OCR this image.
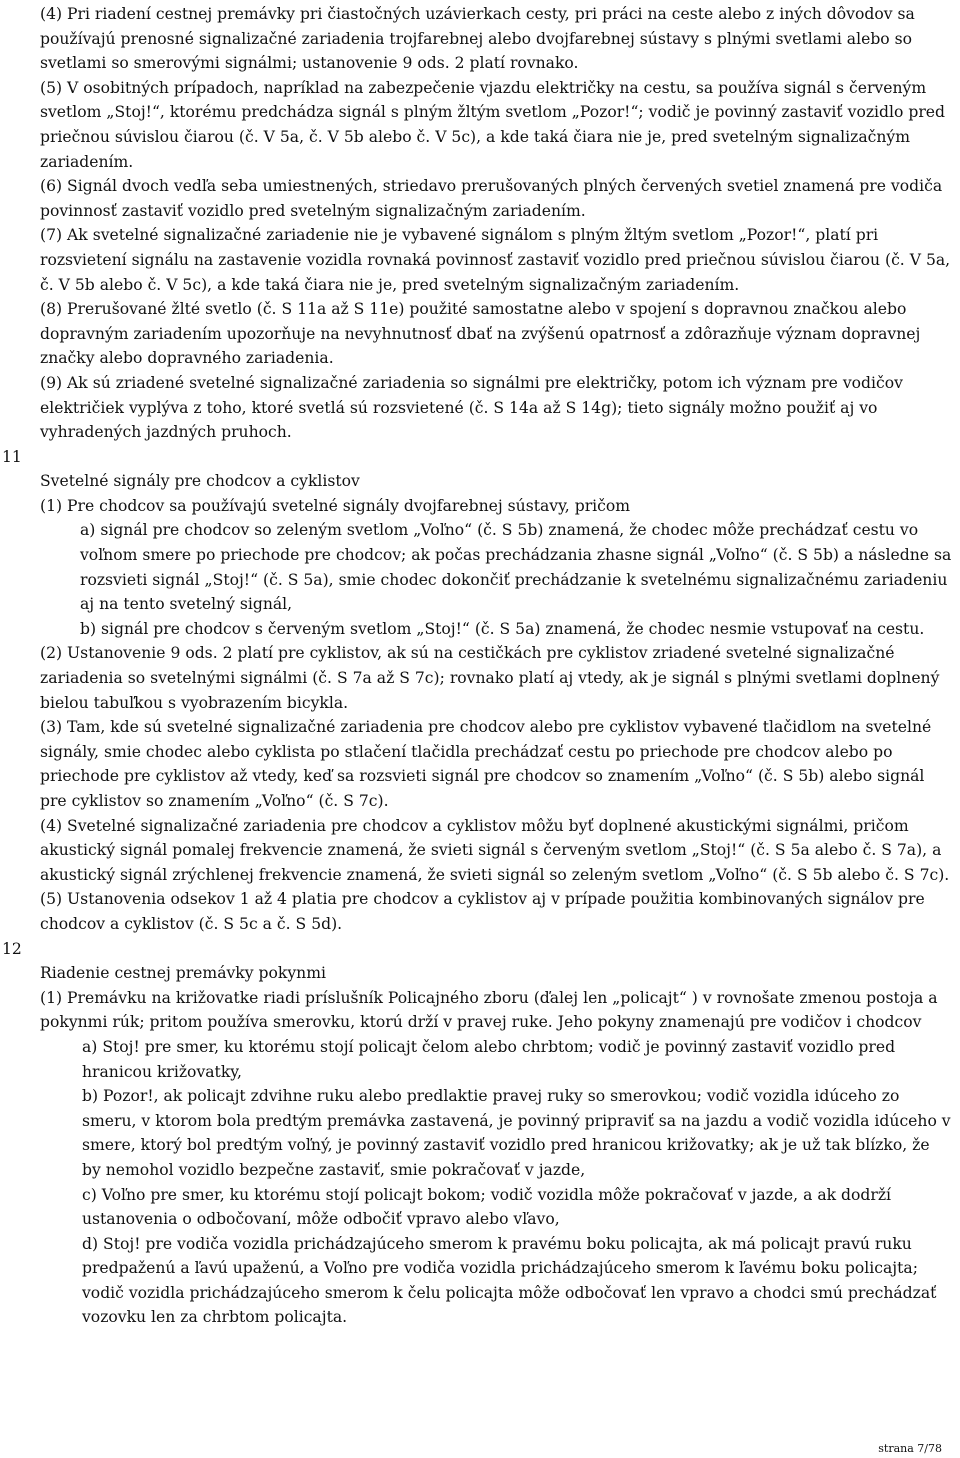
(4) Pri riadení cestnej premávky pri čiastočných uzávierkach cesty, pri práci na ceste alebo z iných dôvodov sa používajú prenosné signalizačné zariadenia trojfarebnej alebo dvojfarebnej sústavy s plnými svetlami alebo so svetlami so smerovými signálmi; ustanovenie 9 ods. 2 platí rovnako.

(5) V osobitných prípadoch, napríklad na zabezpečenie vjazdu električky na cestu, sa používa signál s červeným svetlom „Stoj!“, ktorému predchádza signál s plným žltým svetlom „Pozor!“; vodič je povinný zastaviť vozidlo pred priečnou súvislou čiarou (č. V 5a, č. V 5b alebo č. V 5c), a kde taká čiara nie je, pred svetelným signalizačným zariadením.

(6) Signál dvoch vedľa seba umiestnených, striedavo prerušovaných plných červených svetiel znamená pre vodiča povinnosť zastaviť vozidlo pred svetelným signalizačným zariadením.

(7) Ak svetelné signalizačné zariadenie nie je vybavené signálom s plným žltým svetlom „Pozor!“, platí pri rozsvietení signálu na zastavenie vozidla rovnaká povinnosť zastaviť vozidlo pred priečnou súvislou čiarou (č. V 5a, č. V 5b alebo č. V 5c), a kde taká čiara nie je, pred svetelným signalizačným zariadením.

(8) Prerušované žlté svetlo (č. S 11a až S 11e) použité samostatne alebo v spojení s dopravnou značkou alebo dopravným zariadením upozorňuje na nevyhnutnosť dbať na zvýšenú opatrnosť a zdôrazňuje význam dopravnej značky alebo dopravného zariadenia.

(9) Ak sú zriadené svetelné signalizačné zariadenia so signálmi pre električky, potom ich význam pre vodičov električiek vyplýva z toho, ktoré svetlá sú rozsvietené (č. S 14a až S 14g); tieto signály možno použiť aj vo vyhradených jazdných pruhoch.

11

Svetelné signály pre chodcov a cyklistov

(1) Pre chodcov sa používajú svetelné signály dvojfarebnej sústavy, pričom

a) signál pre chodcov so zeleným svetlom „Voľno“ (č. S 5b) znamená, že chodec môže prechádzať cestu vo voľnom smere po priechode pre chodcov; ak počas prechádzania zhasne signál „Voľno“ (č. S 5b) a následne sa rozsvieti signál „Stoj!“ (č. S 5a), smie chodec dokončiť prechádzanie k svetelnému signalizačnému zariadeniu aj na tento svetelný signál,

b) signál pre chodcov s červeným svetlom „Stoj!“ (č. S 5a) znamená, že chodec nesmie vstupovať na cestu.

(2) Ustanovenie 9 ods. 2 platí pre cyklistov, ak sú na cestičkách pre cyklistov zriadené svetelné signalizačné zariadenia so svetelnými signálmi (č. S 7a až S 7c); rovnako platí aj vtedy, ak je signál s plnými svetlami doplnený bielou tabuľkou s vyobrazením bicykla.

(3) Tam, kde sú svetelné signalizačné zariadenia pre chodcov alebo pre cyklistov vybavené tlačidlom na svetelné signály, smie chodec alebo cyklista po stlačení tlačidla prechádzať cestu po priechode pre chodcov alebo po priechode pre cyklistov až vtedy, keď sa rozsvieti signál pre chodcov so znamením „Voľno“ (č. S 5b) alebo signál pre cyklistov so znamením „Voľno“ (č. S 7c).

(4) Svetelné signalizačné zariadenia pre chodcov a cyklistov môžu byť doplnené akustickými signálmi, pričom akustický signál pomalej frekvencie znamená, že svieti signál s červeným svetlom „Stoj!“ (č. S 5a alebo č. S 7a), a akustický signál zrýchlenej frekvencie znamená, že svieti signál so zeleným svetlom „Voľno“ (č. S 5b alebo č. S 7c).

(5) Ustanovenia odsekov 1 až 4 platia pre chodcov a cyklistov aj v prípade použitia kombinovaných signálov pre chodcov a cyklistov (č. S 5c a č. S 5d).

12

Riadenie cestnej premávky pokynmi

(1) Premávku na križovatke riadi príslušník Policajného zboru (ďalej len „policajt“ ) v rovnošate zmenou postoja a pokynmi rúk; pritom používa smerovku, ktorú drží v pravej ruke. Jeho pokyny znamenajú pre vodičov i chodcov

a) Stoj! pre smer, ku ktorému stojí policajt čelom alebo chrbtom; vodič je povinný zastaviť vozidlo pred hranicou križovatky,

b) Pozor!, ak policajt zdvihne ruku alebo predlaktie pravej ruky so smerovkou; vodič vozidla idúceho zo smeru, v ktorom bola predtým premávka zastavená, je povinný pripraviť sa na jazdu a vodič vozidla idúceho v smere, ktorý bol predtým voľný, je povinný zastaviť vozidlo pred hranicou križovatky; ak je už tak blízko, že by nemohol vozidlo bezpečne zastaviť, smie pokračovať v jazde,

c) Voľno pre smer, ku ktorému stojí policajt bokom; vodič vozidla môže pokračovať v jazde, a ak dodrží ustanovenia o odbočovaní, môže odbočiť vpravo alebo vľavo,

d) Stoj! pre vodiča vozidla prichádzajúceho smerom k pravému boku policajta, ak má policajt pravú ruku predpaženú a ľavú upaženú, a Voľno pre vodiča vozidla prichádzajúceho smerom k ľavému boku policajta; vodič vozidla prichádzajúceho smerom k čelu policajta môže odbočovať len vpravo a chodci smú prechádzať vozovku len za chrbtom policajta.

strana 7/78
